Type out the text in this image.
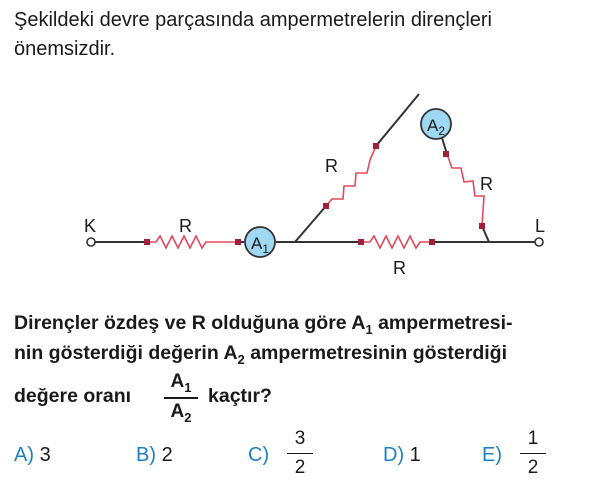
Şekildeki devre parçasında ampermetrelerin dirençleri
önemsizdir.
$A_1$
$A_2$
K	L
R
R
R
R
Dirençler özdeş ve R olduğuna göre $A_1$ ampermetresi-
nin gösterdiği değerin $A_2$ ampermetresinin gösterdiği
değere oranı
$A_1$
$A_2$
kaçtır?
A) 3	B) 2	C)
3
2
D) 1	E)
1
2
